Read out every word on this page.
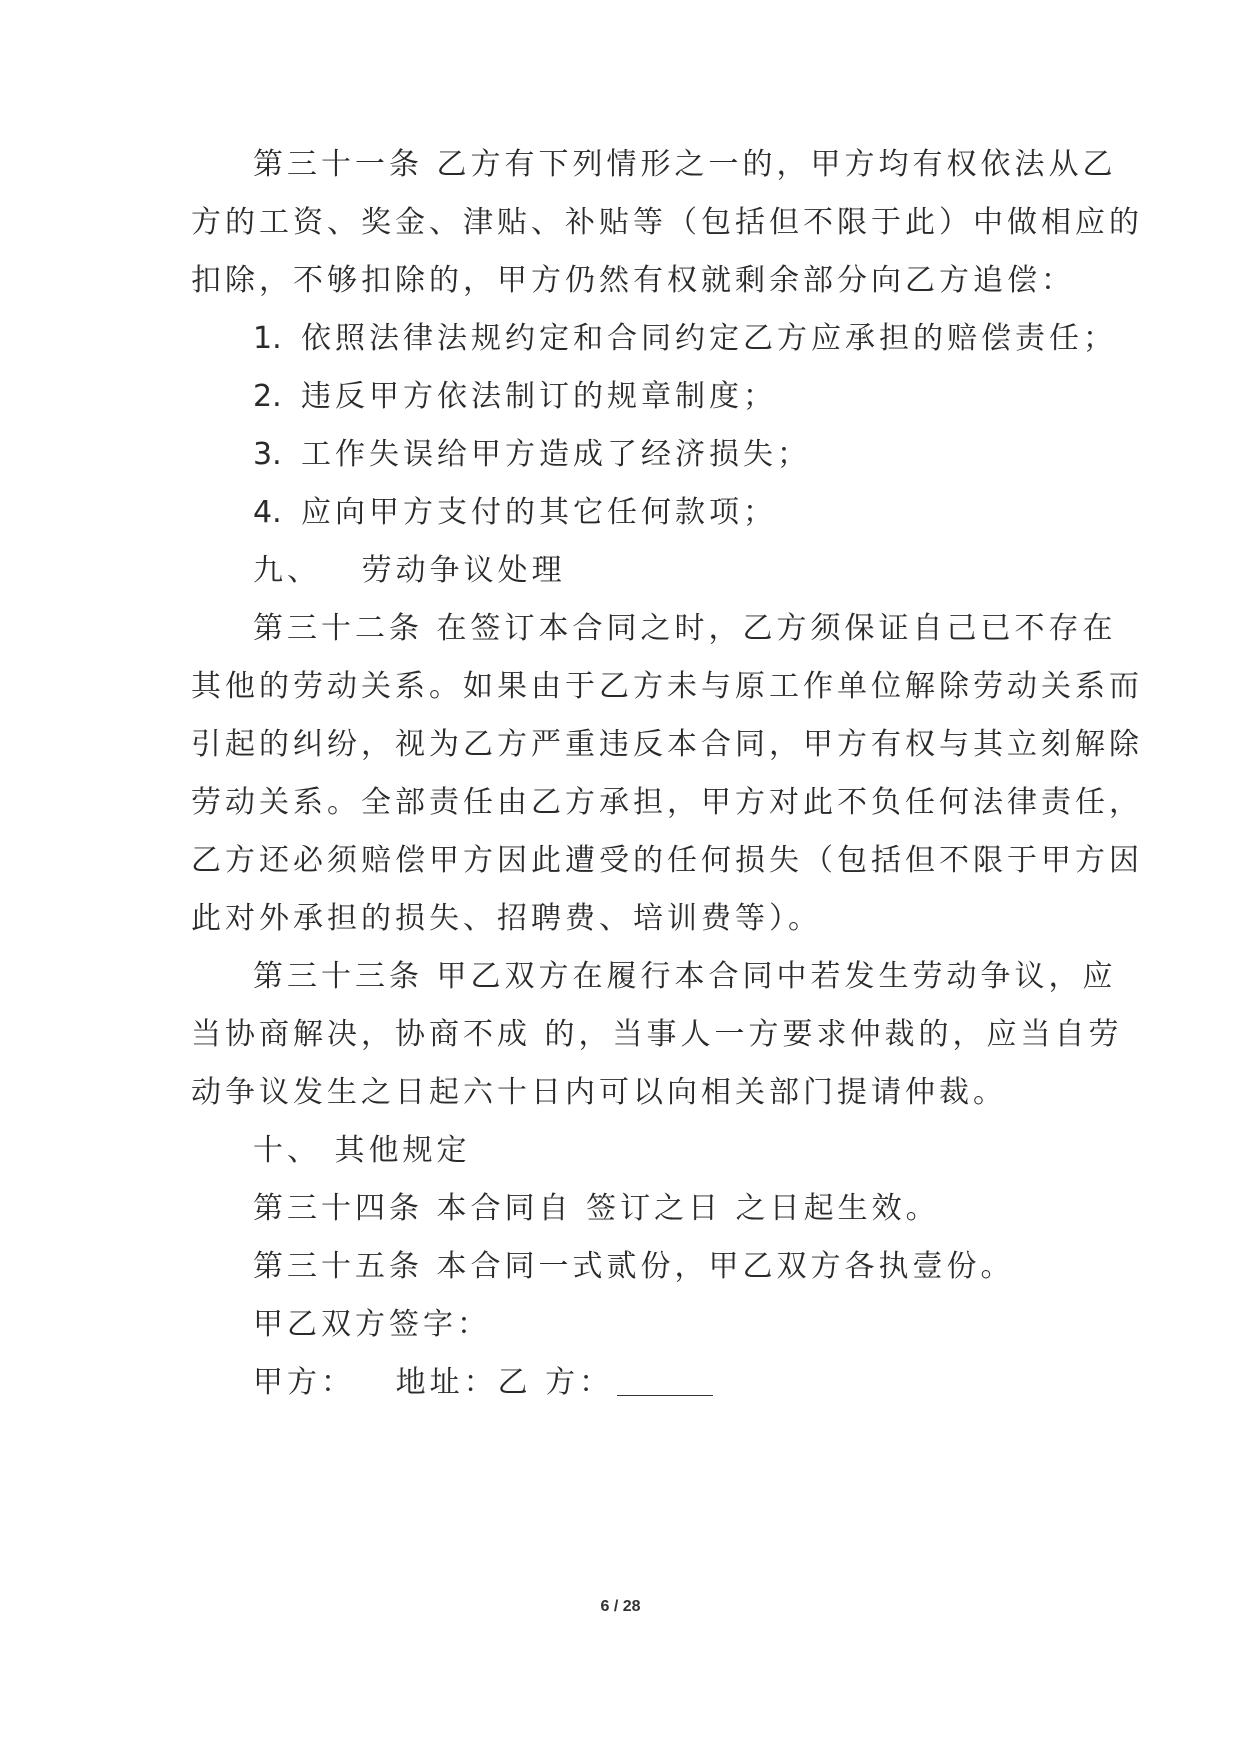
第三十一条 乙方有下列情形之一的，甲方均有权依法从乙
方的工资、奖金、津贴、补贴等（包括但不限于此）中做相应的
扣除，不够扣除的，甲方仍然有权就剩余部分向乙方追偿：
1. 依照法律法规约定和合同约定乙方应承担的赔偿责任；
2. 违反甲方依法制订的规章制度；
3. 工作失误给甲方造成了经济损失；
4. 应向甲方支付的其它任何款项；
九、   劳动争议处理
第三十二条 在签订本合同之时，乙方须保证自己已不存在
其他的劳动关系。如果由于乙方未与原工作单位解除劳动关系而
引起的纠纷，视为乙方严重违反本合同，甲方有权与其立刻解除
劳动关系。全部责任由乙方承担，甲方对此不负任何法律责任，
乙方还必须赔偿甲方因此遭受的任何损失（包括但不限于甲方因
此对外承担的损失、招聘费、培训费等）。
第三十三条 甲乙双方在履行本合同中若发生劳动争议，应
当协商解决，协商不成 的，当事人一方要求仲裁的，应当自劳
动争议发生之日起六十日内可以向相关部门提请仲裁。
十、 其他规定
第三十四条 本合同自 签订之日 之日起生效。
第三十五条 本合同一式贰份，甲乙双方各执壹份。
甲乙双方签字：
甲方：   地址：乙 方：
6 / 28
